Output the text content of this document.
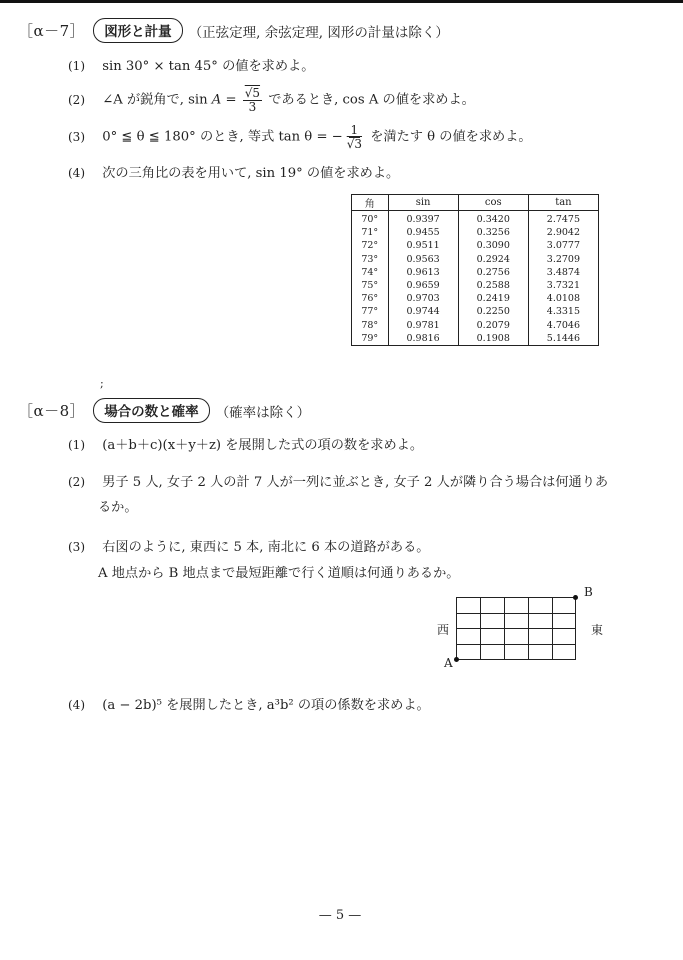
［α－7］	図形と計量	（正弦定理, 余弦定理, 図形の計量は除く）
(1) sin 30° × tan 45° の値を求めよ。
(2) ∠A が鋭角で, $\sin A = \frac{√5}{3}$ であるとき, cos A の値を求めよ。
(3) 0° ≦ θ ≦ 180° のとき, 等式 tan θ = − $\frac{1}{√3}$ を満たす θ の値を求めよ。
(4) 次の三角比の表を用いて, sin 19° の値を求めよ。
角	sin	cos	tan
70°	0.9397	0.3420	2.7475
71°	0.9455	0.3256	2.9042
72°	0.9511	0.3090	3.0777
73°	0.9563	0.2924	3.2709
74°	0.9613	0.2756	3.4874
75°	0.9659	0.2588	3.7321
76°	0.9703	0.2419	4.0108
77°	0.9744	0.2250	4.3315
78°	0.9781	0.2079	4.7046
79°	0.9816	0.1908	5.1446
;
［α－8］	場合の数と確率	（確率は除く）
(1) (a＋b＋c)(x＋y＋z) を展開した式の項の数を求めよ。
(2) 男子 5 人, 女子 2 人の計 7 人が一列に並ぶとき, 女子 2 人が隣り合う場合は何通りあ
るか。
(3) 右図のように, 東西に 5 本, 南北に 6 本の道路がある。
A 地点から B 地点まで最短距離で行く道順は何通りあるか。
西	東
A
B
(4) (a − 2b)⁵ を展開したとき, a³b² の項の係数を求めよ。
— 5 —
